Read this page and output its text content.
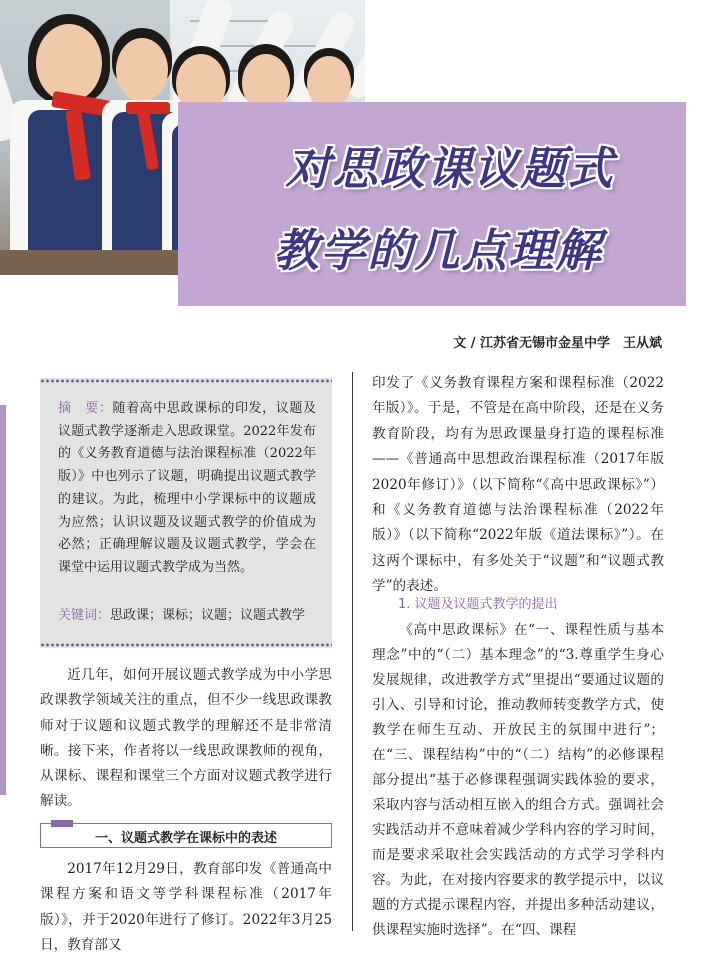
对思政课议题式
教学的几点理解
文 / 江苏省无锡市金星中学　王从斌
摘　要：随着高中思政课标的印发，议题及议题式教学逐渐走入思政课堂。2022年发布的《义务教育道德与法治课程标准（2022年版）》中也列示了议题，明确提出议题式教学的建议。为此，梳理中小学课标中的议题成为应然；认识议题及议题式教学的价值成为必然；正确理解议题及议题式教学，学会在课堂中运用议题式教学成为当然。
关键词：思政课；课标；议题；议题式教学

近几年，如何开展议题式教学成为中小学思政课教学领域关注的重点，但不少一线思政课教师对于议题和议题式教学的理解还不是非常清晰。接下来，作者将以一线思政课教师的视角，从课标、课程和课堂三个方面对议题式教学进行解读。

一、议题式教学在课标中的表述

2017年12月29日，教育部印发《普通高中课程方案和语文等学科课程标准（2017年版）》，并于2020年进行了修订。2022年3月25日，教育部又

印发了《义务教育课程方案和课程标准（2022年版）》。于是，不管是在高中阶段，还是在义务教育阶段，均有为思政课量身打造的课程标准——《普通高中思想政治课程标准（2017年版2020年修订）》（以下简称“《高中思政课标》”）和《义务教育道德与法治课程标准（2022年版）》（以下简称“2022年版《道法课标》”）。在这两个课标中，有多处关于“议题”和“议题式教学”的表述。

1. 议题及议题式教学的提出

《高中思政课标》在“一、课程性质与基本理念”中的“（二）基本理念”的“3.尊重学生身心发展规律，改进教学方式”里提出“要通过议题的引入、引导和讨论，推动教师转变教学方式，使教学在师生互动、开放民主的氛围中进行”；在“三、课程结构”中的“（二）结构”的必修课程部分提出“基于必修课程强调实践体验的要求，采取内容与活动相互嵌入的组合方式。强调社会实践活动并不意味着减少学科内容的学习时间，而是要求采取社会实践活动的方式学习学科内容。为此，在对接内容要求的教学提示中，以议题的方式提示课程内容，并提出多种活动建议，供课程实施时选择”。在“四、课程
